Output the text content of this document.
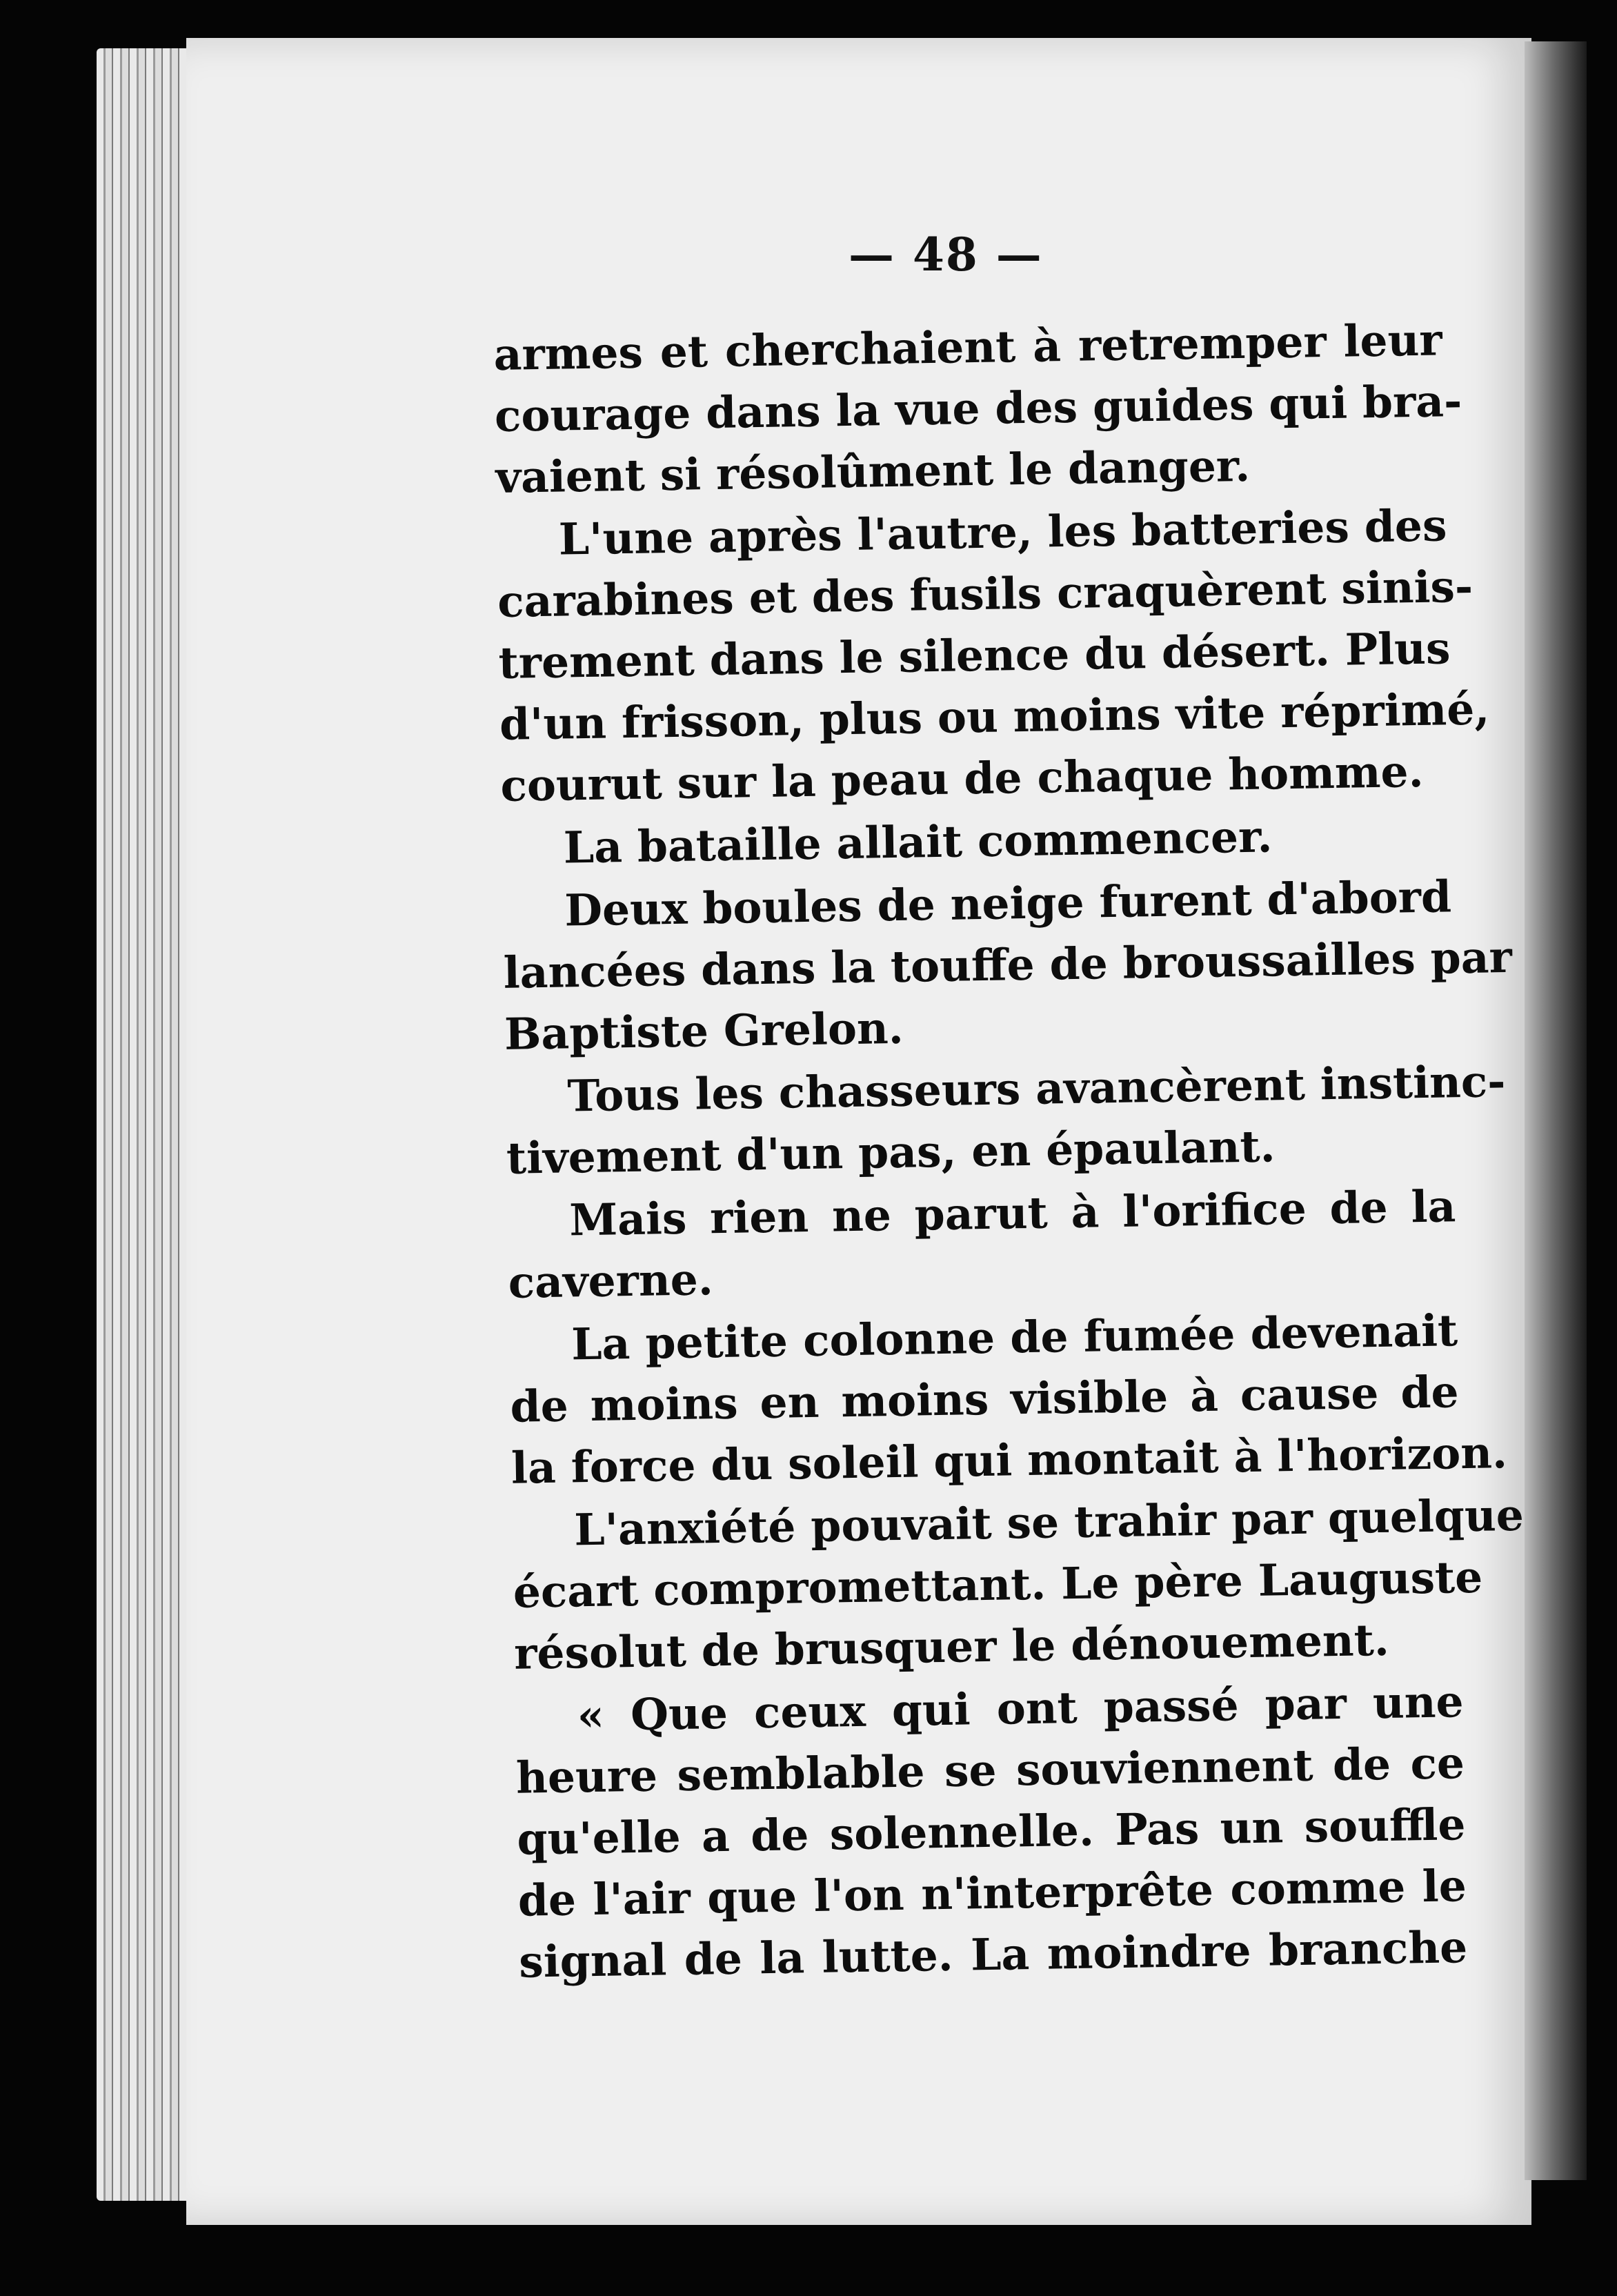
— 48 —
armes et cherchaient à retremper leur
courage dans la vue des guides qui bra-
vaient si résolûment le danger.
L'une après l'autre, les batteries des
carabines et des fusils craquèrent sinis-
trement dans le silence du désert. Plus
d'un frisson, plus ou moins vite réprimé,
courut sur la peau de chaque homme.
La bataille allait commencer.
Deux boules de neige furent d'abord
lancées dans la touffe de broussailles par
Baptiste Grelon.
Tous les chasseurs avancèrent instinc-
tivement d'un pas, en épaulant.
Mais rien ne parut à l'orifice de la
caverne.
La petite colonne de fumée devenait
de moins en moins visible à cause de
la force du soleil qui montait à l'horizon.
L'anxiété pouvait se trahir par quelque
écart compromettant. Le père Lauguste
résolut de brusquer le dénouement.
« Que ceux qui ont passé par une
heure semblable se souviennent de ce
qu'elle a de solennelle. Pas un souffle
de l'air que l'on n'interprête comme le
signal de la lutte. La moindre branche
